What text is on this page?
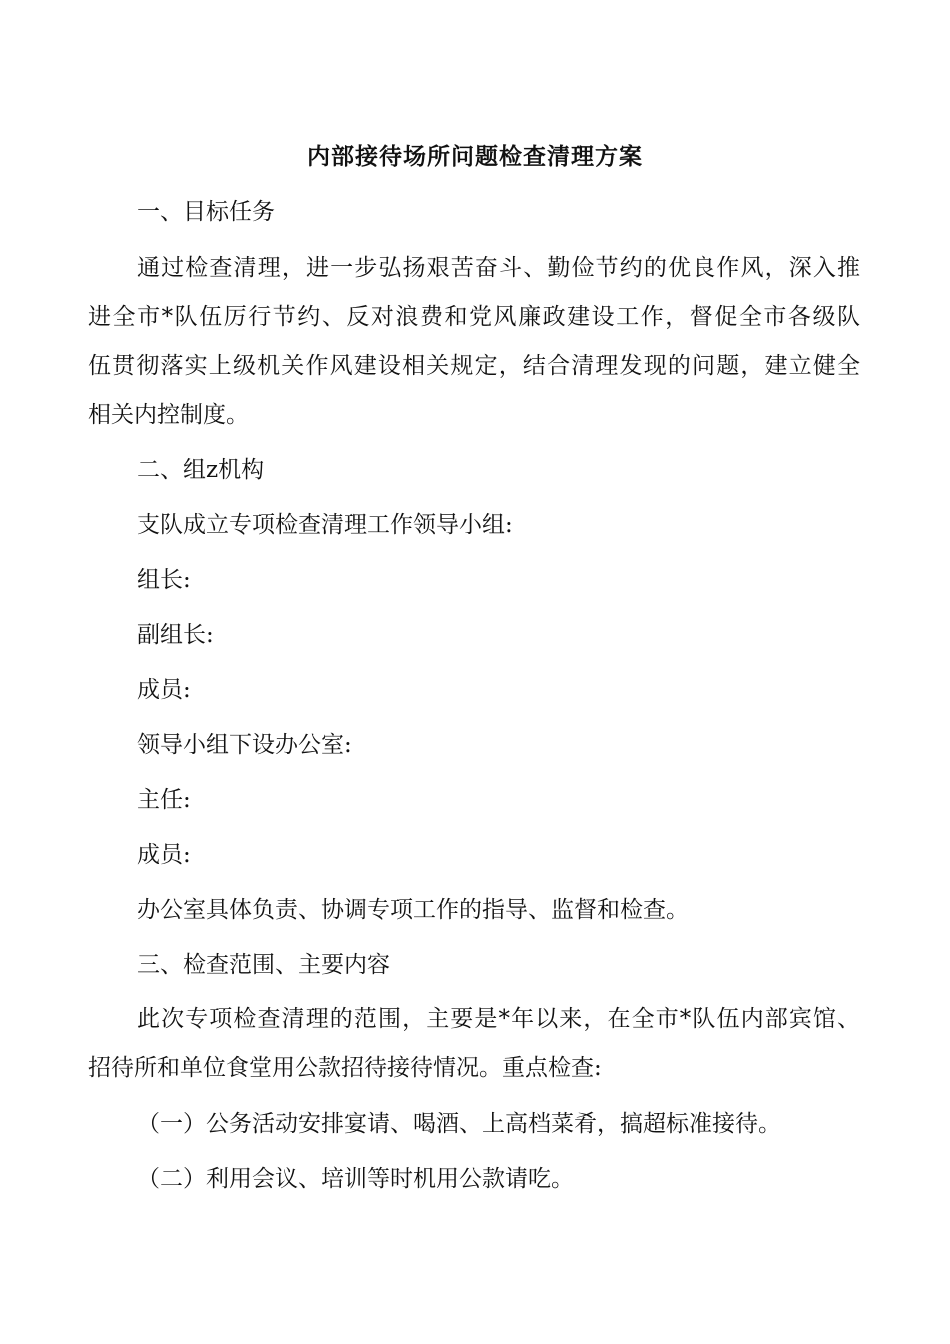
内部接待场所问题检查清理方案
一、目标任务
通过检查清理，进一步弘扬艰苦奋斗、勤俭节约的优良作风，深入推
进全市*队伍厉行节约、反对浪费和党风廉政建设工作，督促全市各级队
伍贯彻落实上级机关作风建设相关规定，结合清理发现的问题，建立健全
相关内控制度。
二、组z机构
支队成立专项检查清理工作领导小组:
组长:
副组长:
成员:
领导小组下设办公室:
主任:
成员:
办公室具体负责、协调专项工作的指导、监督和检查。
三、检查范围、主要内容
此次专项检查清理的范围，主要是*年以来，在全市*队伍内部宾馆、
招待所和单位食堂用公款招待接待情况。重点检查:
（一）公务活动安排宴请、喝酒、上高档菜肴，搞超标准接待。
（二）利用会议、培训等时机用公款请吃。
